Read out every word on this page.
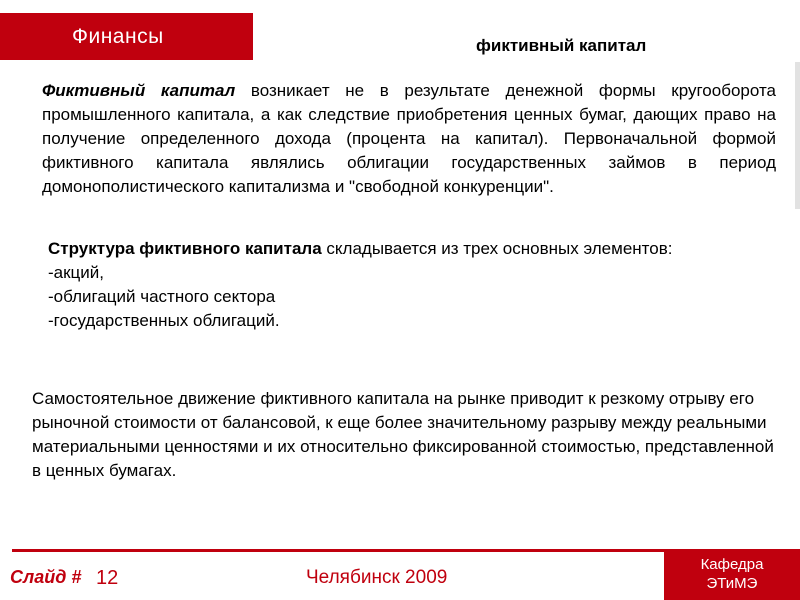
Финансы	фиктивный капитал

Фиктивный капитал возникает не в результате денежной формы кругооборота промышленного капитала, а как следствие приобретения ценных бумаг, дающих право на получение определенного дохода (процента на капитал). Первоначальной формой фиктивного капитала являлись облигации государственных займов в период домонополистического капитализма и "свободной конкуренции".

Структура фиктивного капитала складывается из трех основных элементов:
-акций,
-облигаций частного сектора
-государственных облигаций.

Самостоятельное движение фиктивного капитала на рынке приводит к резкому отрыву его рыночной стоимости от балансовой, к еще более значительному разрыву между реальными материальными ценностями и их относительно фиксированной стоимостью, представленной в ценных бумагах.

Слайд # 12	Челябинск 2009
Кафедра
ЭТиМЭ
